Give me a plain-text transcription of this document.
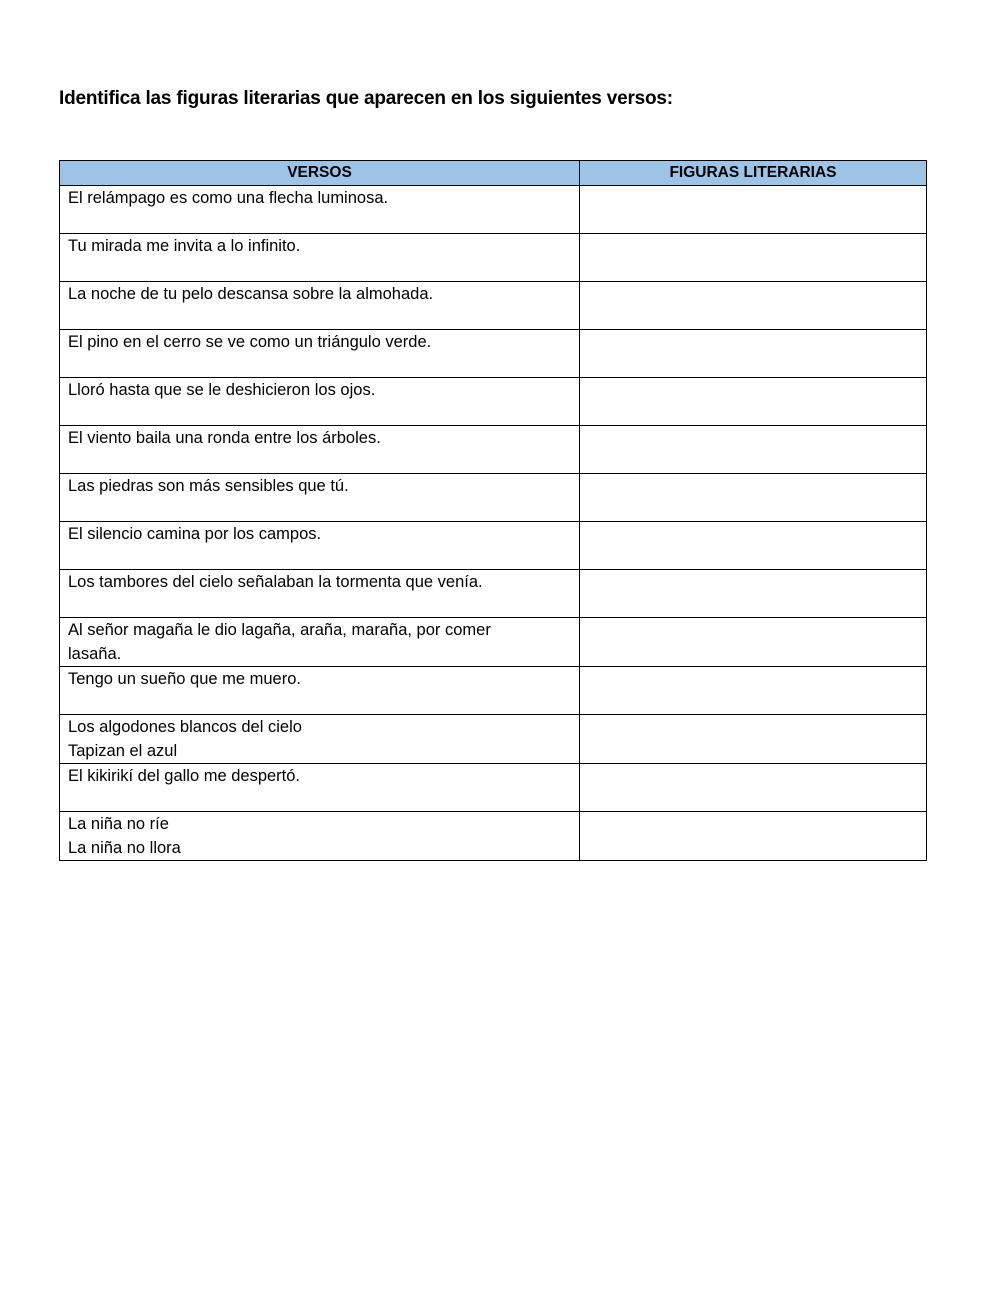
Identifica las figuras literarias que aparecen en los siguientes versos:
VERSOS	FIGURAS LITERARIAS
El relámpago es como una flecha luminosa.	
Tu mirada me invita a lo infinito.	
La noche de tu pelo descansa sobre la almohada.	
El pino en el cerro se ve como un triángulo verde.	
Lloró hasta que se le deshicieron los ojos.	
El viento baila una ronda entre los árboles.	
Las piedras son más sensibles que tú.	
El silencio camina por los campos.	
Los tambores del cielo señalaban la tormenta que venía.	
Al señor magaña le dio lagaña, araña, maraña, por comer
lasaña.	
Tengo un sueño que me muero.	
Los algodones blancos del cielo
Tapizan el azul	
El kikirikí del gallo me despertó.	
La niña no ríe
La niña no llora	
